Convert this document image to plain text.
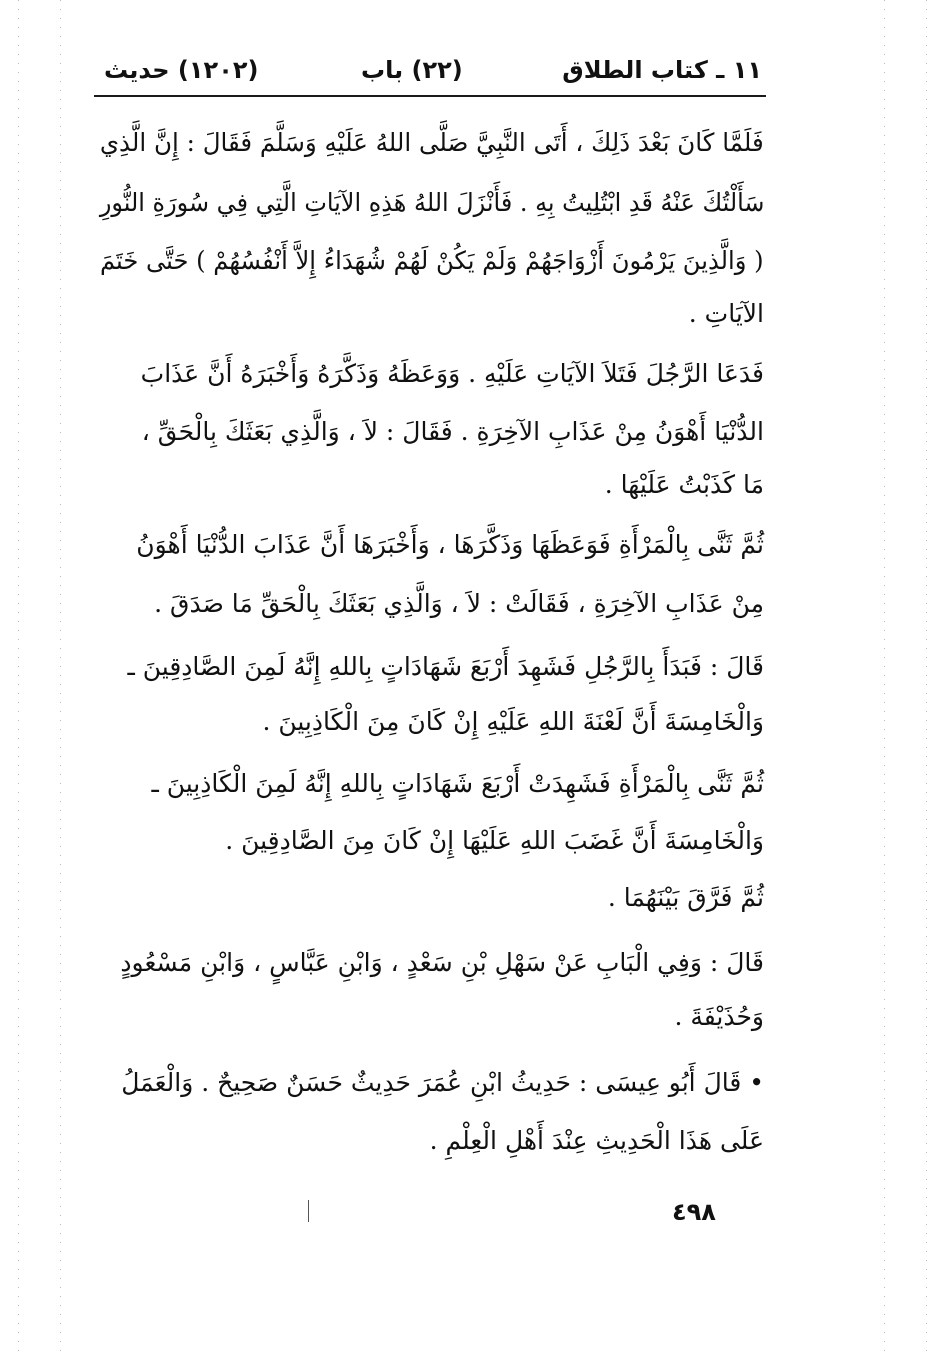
١١ ـ كتاب الطلاق
(٢٢) باب
(١٢٠٢) حديث
فَلَمَّا كَانَ بَعْدَ ذَلِكَ ، أَتَى النَّبِيَّ صَلَّى اللهُ عَلَيْهِ وَسَلَّمَ فَقَالَ : إِنَّ الَّذِي
سَأَلْتُكَ عَنْهُ قَدِ ابْتُلِيتُ بِهِ . فَأَنْزَلَ اللهُ هَذِهِ الآيَاتِ الَّتِي فِي سُورَةِ النُّورِ
( وَالَّذِينَ يَرْمُونَ أَزْوَاجَهُمْ وَلَمْ يَكُنْ لَهُمْ شُهَدَاءُ إِلاَّ أَنْفُسُهُمْ ) حَتَّى خَتَمَ
الآيَاتِ .
فَدَعَا الرَّجُلَ فَتَلاَ الآيَاتِ عَلَيْهِ . وَوَعَظَهُ وَذَكَّرَهُ وَأَخْبَرَهُ أَنَّ عَذَابَ
الدُّنْيَا أَهْوَنُ مِنْ عَذَابِ الآخِرَةِ . فَقَالَ : لاَ ، وَالَّذِي بَعَثَكَ بِالْحَقِّ ،
مَا كَذَبْتُ عَلَيْهَا .
ثُمَّ ثَنَّى بِالْمَرْأَةِ فَوَعَظَهَا وَذَكَّرَهَا ، وَأَخْبَرَهَا أَنَّ عَذَابَ الدُّنْيَا أَهْوَنُ
مِنْ عَذَابِ الآخِرَةِ ، فَقَالَتْ : لاَ ، وَالَّذِي بَعَثَكَ بِالْحَقِّ مَا صَدَقَ .
قَالَ : فَبَدَأَ بِالرَّجُلِ فَشَهِدَ أَرْبَعَ شَهَادَاتٍ بِاللهِ إِنَّهُ لَمِنَ الصَّادِقِينَ ـ
وَالْخَامِسَةَ أَنَّ لَعْنَةَ اللهِ عَلَيْهِ إِنْ كَانَ مِنَ الْكَاذِبِينَ .
ثُمَّ ثَنَّى بِالْمَرْأَةِ فَشَهِدَتْ أَرْبَعَ شَهَادَاتٍ بِاللهِ إِنَّهُ لَمِنَ الْكَاذِبِينَ ـ
وَالْخَامِسَةَ أَنَّ غَضَبَ اللهِ عَلَيْهَا إِنْ كَانَ مِنَ الصَّادِقِينَ .
ثُمَّ فَرَّقَ بَيْنَهُمَا .
قَالَ : وَفِي الْبَابِ عَنْ سَهْلِ بْنِ سَعْدٍ ، وَابْنِ عَبَّاسٍ ، وَابْنِ مَسْعُودٍ
وَحُذَيْفَةَ .
• قَالَ أَبُو عِيسَى : حَدِيثُ ابْنِ عُمَرَ حَدِيثٌ حَسَنٌ صَحِيحٌ . وَالْعَمَلُ
عَلَى هَذَا الْحَدِيثِ عِنْدَ أَهْلِ الْعِلْمِ .
٤٩٨
